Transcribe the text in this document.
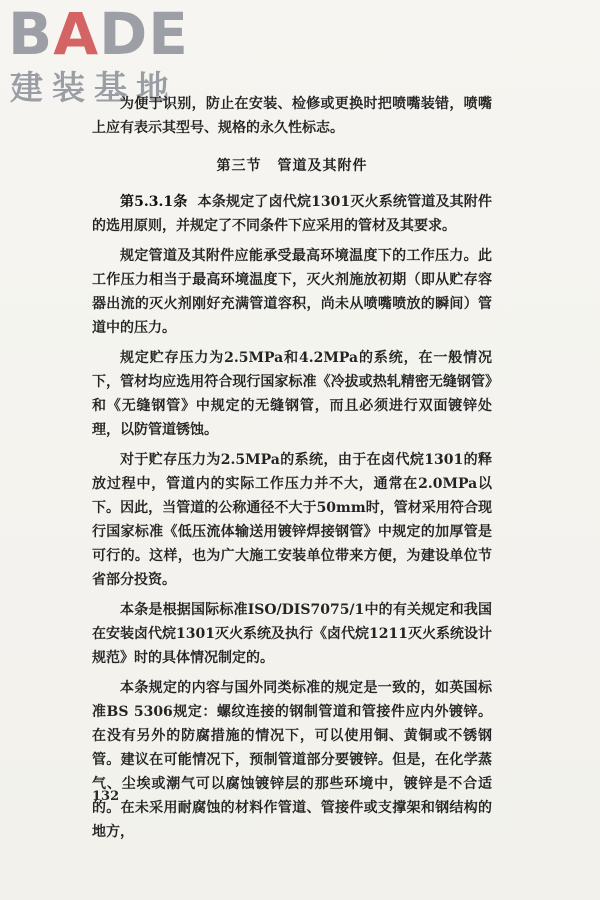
BADE
建装基地

为便于识别，防止在安装、检修或更换时把喷嘴装错，喷嘴上应有表示其型号、规格的永久性标志。

第三节 管道及其附件

第5.3.1条 本条规定了卤代烷1301灭火系统管道及其附件的选用原则，并规定了不同条件下应采用的管材及其要求。

规定管道及其附件应能承受最高环境温度下的工作压力。此工作压力相当于最高环境温度下，灭火剂施放初期（即从贮存容器出流的灭火剂刚好充满管道容积，尚未从喷嘴喷放的瞬间）管道中的压力。

规定贮存压力为2.5MPa和4.2MPa的系统，在一般情况下，管材均应选用符合现行国家标准《冷拔或热轧精密无缝钢管》和《无缝钢管》中规定的无缝钢管，而且必须进行双面镀锌处理，以防管道锈蚀。

对于贮存压力为2.5MPa的系统，由于在卤代烷1301的释放过程中，管道内的实际工作压力并不大，通常在2.0MPa以下。因此，当管道的公称通径不大于50mm时，管材采用符合现行国家标准《低压流体输送用镀锌焊接钢管》中规定的加厚管是可行的。这样，也为广大施工安装单位带来方便，为建设单位节省部分投资。

本条是根据国际标准ISO/DIS7075/1中的有关规定和我国在安装卤代烷1301灭火系统及执行《卤代烷1211灭火系统设计规范》时的具体情况制定的。

本条规定的内容与国外同类标准的规定是一致的，如英国标准BS 5306规定：螺纹连接的钢制管道和管接件应内外镀锌。在没有另外的防腐措施的情况下，可以使用铜、黄铜或不锈钢管。建议在可能情况下，预制管道部分要镀锌。但是，在化学蒸气、尘埃或潮气可以腐蚀镀锌层的那些环境中，镀锌是不合适的。在未采用耐腐蚀的材料作管道、管接件或支撑架和钢结构的地方，

132
